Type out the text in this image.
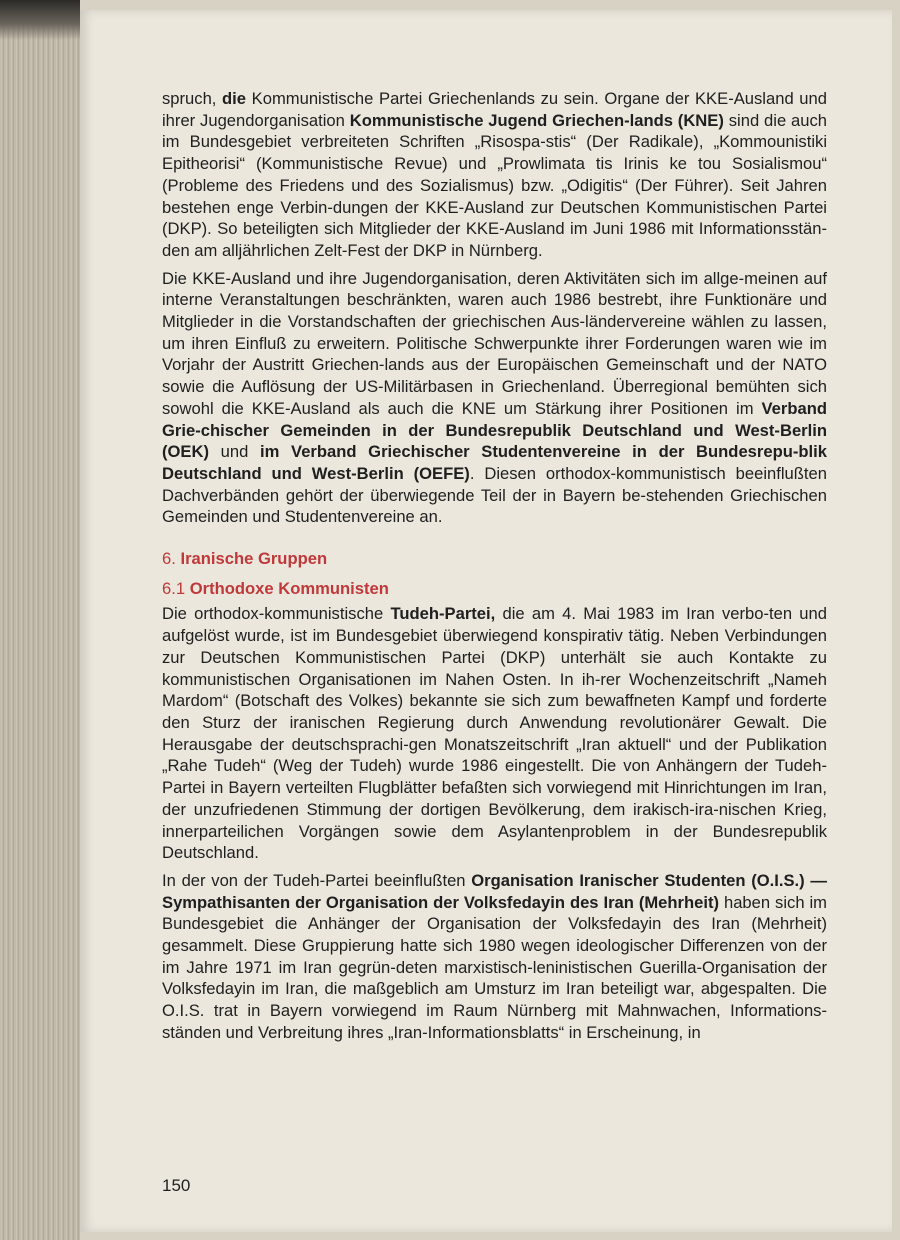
spruch, die Kommunistische Partei Griechenlands zu sein. Organe der KKE-Ausland und ihrer Jugendorganisation Kommunistische Jugend Griechen-lands (KNE) sind die auch im Bundesgebiet verbreiteten Schriften „Risospa-stis“ (Der Radikale), „Kommounistiki Epitheorisi“ (Kommunistische Revue) und „Prowlimata tis Irinis ke tou Sosialismou“ (Probleme des Friedens und des Sozialismus) bzw. „Odigitis“ (Der Führer). Seit Jahren bestehen enge Verbin-dungen der KKE-Ausland zur Deutschen Kommunistischen Partei (DKP). So beteiligten sich Mitglieder der KKE-Ausland im Juni 1986 mit Informationsstän-den am alljährlichen Zelt-Fest der DKP in Nürnberg.

Die KKE-Ausland und ihre Jugendorganisation, deren Aktivitäten sich im allge-meinen auf interne Veranstaltungen beschränkten, waren auch 1986 bestrebt, ihre Funktionäre und Mitglieder in die Vorstandschaften der griechischen Aus-ländervereine wählen zu lassen, um ihren Einfluß zu erweitern. Politische Schwerpunkte ihrer Forderungen waren wie im Vorjahr der Austritt Griechen-lands aus der Europäischen Gemeinschaft und der NATO sowie die Auflösung der US-Militärbasen in Griechenland. Überregional bemühten sich sowohl die KKE-Ausland als auch die KNE um Stärkung ihrer Positionen im Verband Grie-chischer Gemeinden in der Bundesrepublik Deutschland und West-Berlin (OEK) und im Verband Griechischer Studentenvereine in der Bundesrepu-blik Deutschland und West-Berlin (OEFE). Diesen orthodox-kommunistisch beeinflußten Dachverbänden gehört der überwiegende Teil der in Bayern be-stehenden Griechischen Gemeinden und Studentenvereine an.

6. Iranische Gruppen
6.1 Orthodoxe Kommunisten

Die orthodox-kommunistische Tudeh-Partei, die am 4. Mai 1983 im Iran verbo-ten und aufgelöst wurde, ist im Bundesgebiet überwiegend konspirativ tätig. Neben Verbindungen zur Deutschen Kommunistischen Partei (DKP) unterhält sie auch Kontakte zu kommunistischen Organisationen im Nahen Osten. In ih-rer Wochenzeitschrift „Nameh Mardom“ (Botschaft des Volkes) bekannte sie sich zum bewaffneten Kampf und forderte den Sturz der iranischen Regierung durch Anwendung revolutionärer Gewalt. Die Herausgabe der deutschsprachi-gen Monatszeitschrift „Iran aktuell“ und der Publikation „Rahe Tudeh“ (Weg der Tudeh) wurde 1986 eingestellt. Die von Anhängern der Tudeh-Partei in Bayern verteilten Flugblätter befaßten sich vorwiegend mit Hinrichtungen im Iran, der unzufriedenen Stimmung der dortigen Bevölkerung, dem irakisch-ira-nischen Krieg, innerparteilichen Vorgängen sowie dem Asylantenproblem in der Bundesrepublik Deutschland.

In der von der Tudeh-Partei beeinflußten Organisation Iranischer Studenten (O.I.S.) — Sympathisanten der Organisation der Volksfedayin des Iran (Mehrheit) haben sich im Bundesgebiet die Anhänger der Organisation der Volksfedayin des Iran (Mehrheit) gesammelt. Diese Gruppierung hatte sich 1980 wegen ideologischer Differenzen von der im Jahre 1971 im Iran gegrün-deten marxistisch-leninistischen Guerilla-Organisation der Volksfedayin im Iran, die maßgeblich am Umsturz im Iran beteiligt war, abgespalten. Die O.I.S. trat in Bayern vorwiegend im Raum Nürnberg mit Mahnwachen, Informations-ständen und Verbreitung ihres „Iran-Informationsblatts“ in Erscheinung, in

150
